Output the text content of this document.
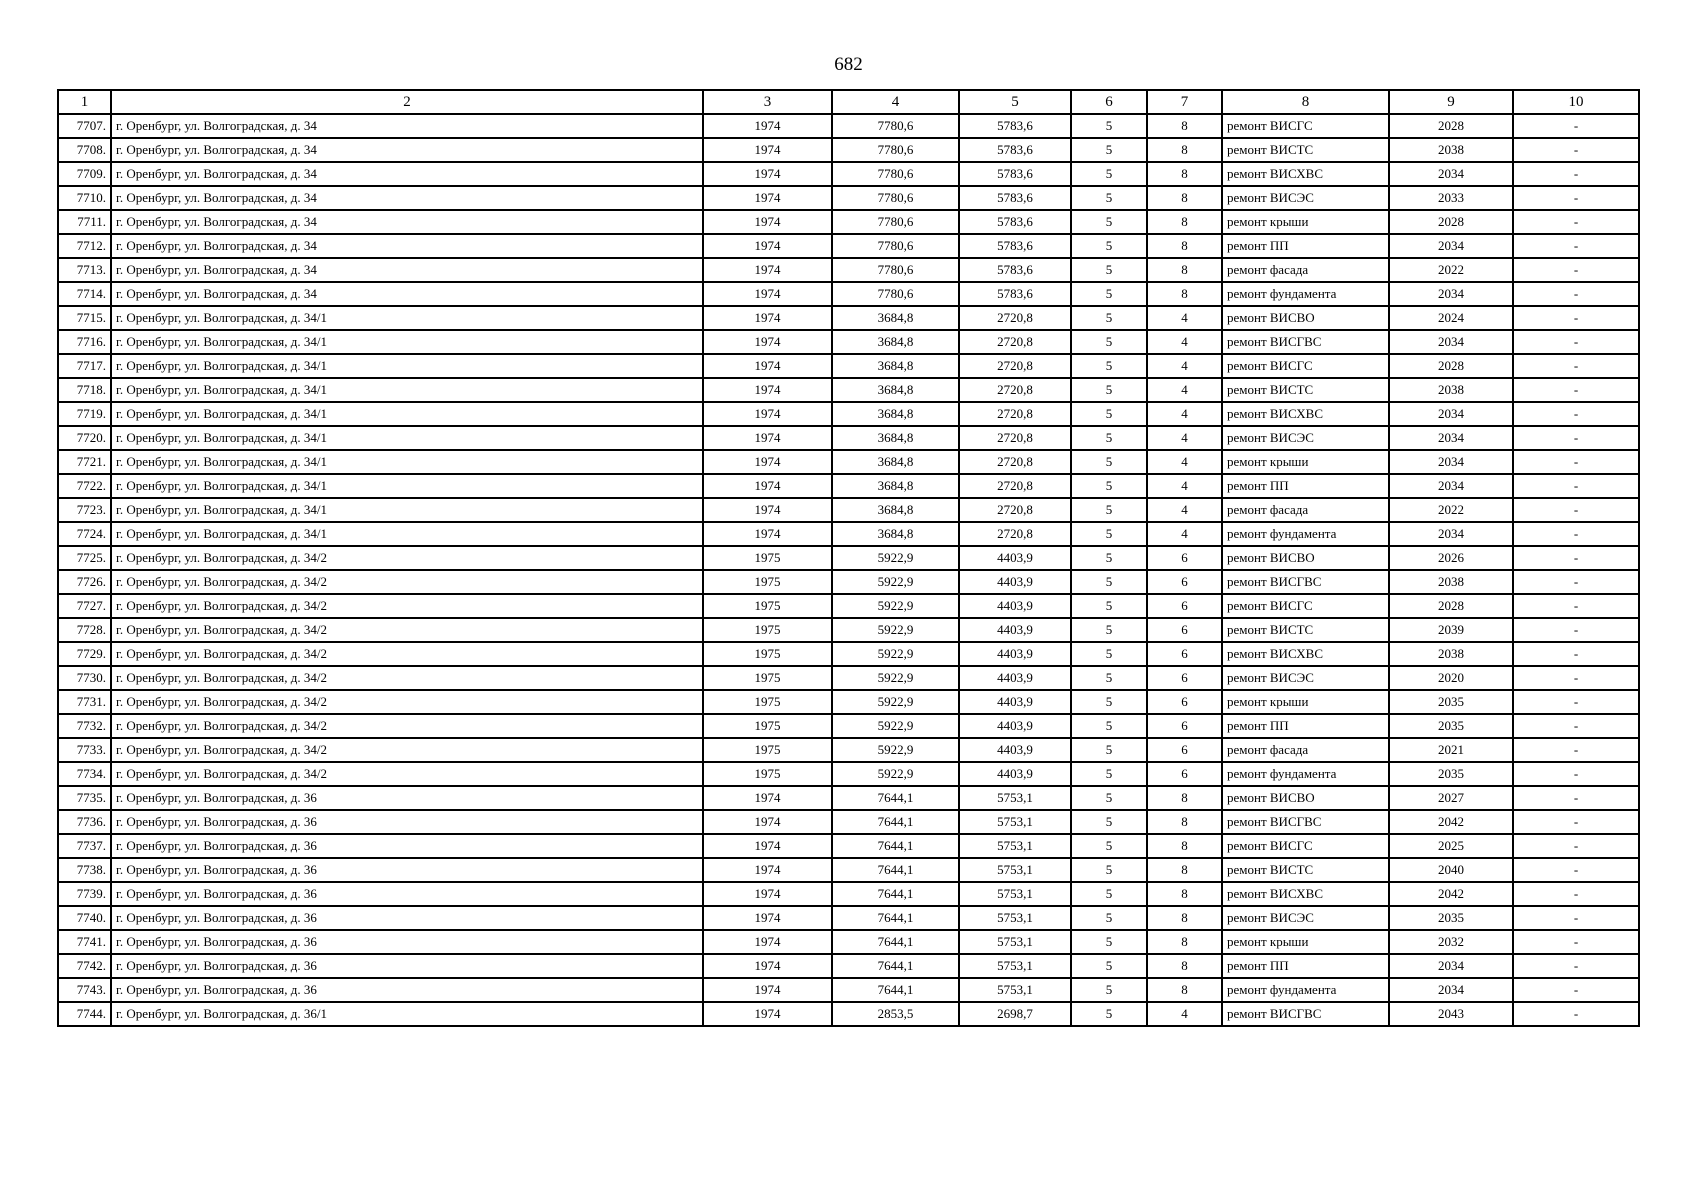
682
1	2	3	4	5	6	7	8	9	10
7707.	г. Оренбург, ул. Волгоградская, д. 34	1974	7780,6	5783,6	5	8	ремонт ВИСГС	2028	-
7708.	г. Оренбург, ул. Волгоградская, д. 34	1974	7780,6	5783,6	5	8	ремонт ВИСТС	2038	-
7709.	г. Оренбург, ул. Волгоградская, д. 34	1974	7780,6	5783,6	5	8	ремонт ВИСХВС	2034	-
7710.	г. Оренбург, ул. Волгоградская, д. 34	1974	7780,6	5783,6	5	8	ремонт ВИСЭС	2033	-
7711.	г. Оренбург, ул. Волгоградская, д. 34	1974	7780,6	5783,6	5	8	ремонт крыши	2028	-
7712.	г. Оренбург, ул. Волгоградская, д. 34	1974	7780,6	5783,6	5	8	ремонт ПП	2034	-
7713.	г. Оренбург, ул. Волгоградская, д. 34	1974	7780,6	5783,6	5	8	ремонт фасада	2022	-
7714.	г. Оренбург, ул. Волгоградская, д. 34	1974	7780,6	5783,6	5	8	ремонт фундамента	2034	-
7715.	г. Оренбург, ул. Волгоградская, д. 34/1	1974	3684,8	2720,8	5	4	ремонт ВИСВО	2024	-
7716.	г. Оренбург, ул. Волгоградская, д. 34/1	1974	3684,8	2720,8	5	4	ремонт ВИСГВС	2034	-
7717.	г. Оренбург, ул. Волгоградская, д. 34/1	1974	3684,8	2720,8	5	4	ремонт ВИСГС	2028	-
7718.	г. Оренбург, ул. Волгоградская, д. 34/1	1974	3684,8	2720,8	5	4	ремонт ВИСТС	2038	-
7719.	г. Оренбург, ул. Волгоградская, д. 34/1	1974	3684,8	2720,8	5	4	ремонт ВИСХВС	2034	-
7720.	г. Оренбург, ул. Волгоградская, д. 34/1	1974	3684,8	2720,8	5	4	ремонт ВИСЭС	2034	-
7721.	г. Оренбург, ул. Волгоградская, д. 34/1	1974	3684,8	2720,8	5	4	ремонт крыши	2034	-
7722.	г. Оренбург, ул. Волгоградская, д. 34/1	1974	3684,8	2720,8	5	4	ремонт ПП	2034	-
7723.	г. Оренбург, ул. Волгоградская, д. 34/1	1974	3684,8	2720,8	5	4	ремонт фасада	2022	-
7724.	г. Оренбург, ул. Волгоградская, д. 34/1	1974	3684,8	2720,8	5	4	ремонт фундамента	2034	-
7725.	г. Оренбург, ул. Волгоградская, д. 34/2	1975	5922,9	4403,9	5	6	ремонт ВИСВО	2026	-
7726.	г. Оренбург, ул. Волгоградская, д. 34/2	1975	5922,9	4403,9	5	6	ремонт ВИСГВС	2038	-
7727.	г. Оренбург, ул. Волгоградская, д. 34/2	1975	5922,9	4403,9	5	6	ремонт ВИСГС	2028	-
7728.	г. Оренбург, ул. Волгоградская, д. 34/2	1975	5922,9	4403,9	5	6	ремонт ВИСТС	2039	-
7729.	г. Оренбург, ул. Волгоградская, д. 34/2	1975	5922,9	4403,9	5	6	ремонт ВИСХВС	2038	-
7730.	г. Оренбург, ул. Волгоградская, д. 34/2	1975	5922,9	4403,9	5	6	ремонт ВИСЭС	2020	-
7731.	г. Оренбург, ул. Волгоградская, д. 34/2	1975	5922,9	4403,9	5	6	ремонт крыши	2035	-
7732.	г. Оренбург, ул. Волгоградская, д. 34/2	1975	5922,9	4403,9	5	6	ремонт ПП	2035	-
7733.	г. Оренбург, ул. Волгоградская, д. 34/2	1975	5922,9	4403,9	5	6	ремонт фасада	2021	-
7734.	г. Оренбург, ул. Волгоградская, д. 34/2	1975	5922,9	4403,9	5	6	ремонт фундамента	2035	-
7735.	г. Оренбург, ул. Волгоградская, д. 36	1974	7644,1	5753,1	5	8	ремонт ВИСВО	2027	-
7736.	г. Оренбург, ул. Волгоградская, д. 36	1974	7644,1	5753,1	5	8	ремонт ВИСГВС	2042	-
7737.	г. Оренбург, ул. Волгоградская, д. 36	1974	7644,1	5753,1	5	8	ремонт ВИСГС	2025	-
7738.	г. Оренбург, ул. Волгоградская, д. 36	1974	7644,1	5753,1	5	8	ремонт ВИСТС	2040	-
7739.	г. Оренбург, ул. Волгоградская, д. 36	1974	7644,1	5753,1	5	8	ремонт ВИСХВС	2042	-
7740.	г. Оренбург, ул. Волгоградская, д. 36	1974	7644,1	5753,1	5	8	ремонт ВИСЭС	2035	-
7741.	г. Оренбург, ул. Волгоградская, д. 36	1974	7644,1	5753,1	5	8	ремонт крыши	2032	-
7742.	г. Оренбург, ул. Волгоградская, д. 36	1974	7644,1	5753,1	5	8	ремонт ПП	2034	-
7743.	г. Оренбург, ул. Волгоградская, д. 36	1974	7644,1	5753,1	5	8	ремонт фундамента	2034	-
7744.	г. Оренбург, ул. Волгоградская, д. 36/1	1974	2853,5	2698,7	5	4	ремонт ВИСГВС	2043	-
